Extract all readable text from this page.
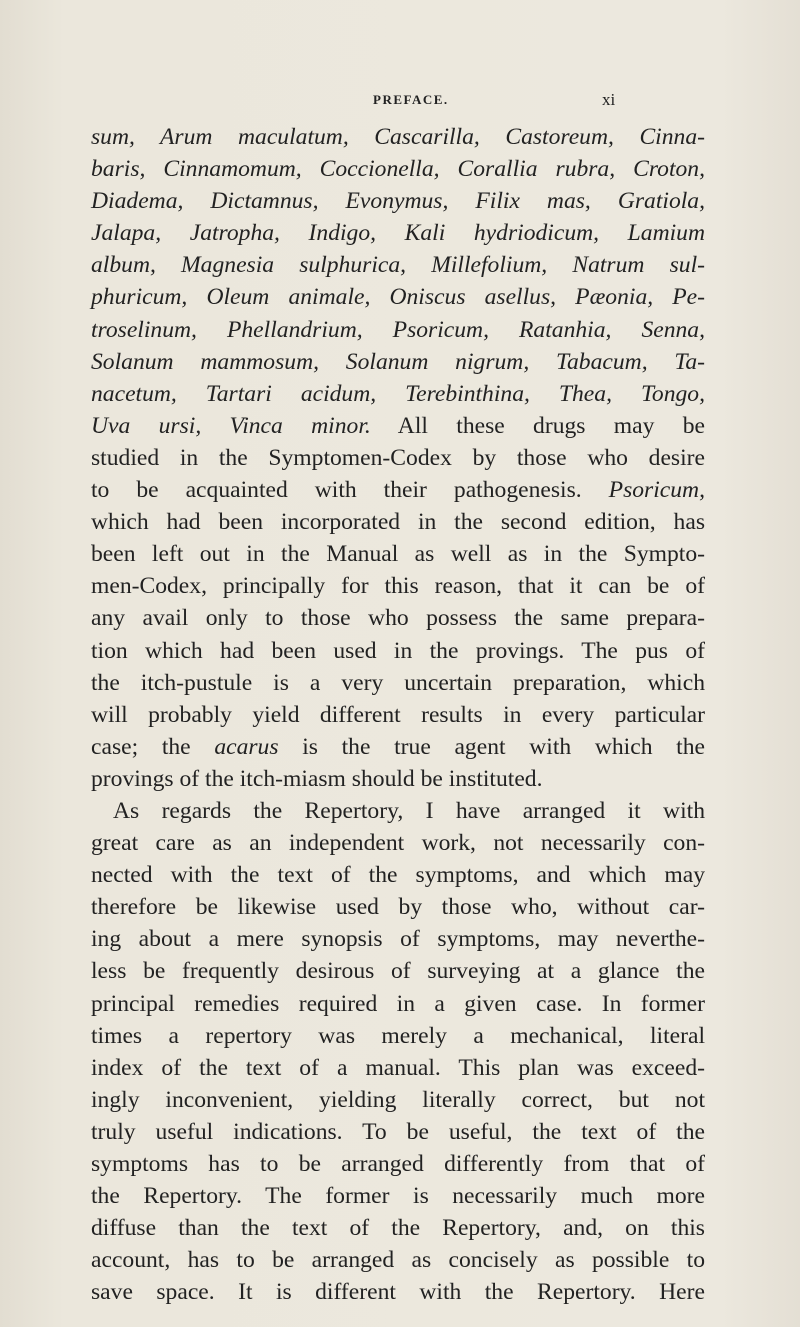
PREFACE.	xi
sum, Arum maculatum, Cascarilla, Castoreum, Cinna-
baris, Cinnamomum, Coccionella, Corallia rubra, Croton,
Diadema, Dictamnus, Evonymus, Filix mas, Gratiola,
Jalapa, Jatropha, Indigo, Kali hydriodicum, Lamium
album, Magnesia sulphurica, Millefolium, Natrum sul-
phuricum, Oleum animale, Oniscus asellus, Pæonia, Pe-
troselinum, Phellandrium, Psoricum, Ratanhia, Senna,
Solanum mammosum, Solanum nigrum, Tabacum, Ta-
nacetum, Tartari acidum, Terebinthina, Thea, Tongo,
Uva ursi, Vinca minor. All these drugs may be
studied in the Symptomen-Codex by those who desire
to be acquainted with their pathogenesis. Psoricum,
which had been incorporated in the second edition, has
been left out in the Manual as well as in the Sympto-
men-Codex, principally for this reason, that it can be of
any avail only to those who possess the same prepara-
tion which had been used in the provings. The pus of
the itch-pustule is a very uncertain preparation, which
will probably yield different results in every particular
case; the acarus is the true agent with which the
provings of the itch-miasm should be instituted.
As regards the Repertory, I have arranged it with
great care as an independent work, not necessarily con-
nected with the text of the symptoms, and which may
therefore be likewise used by those who, without car-
ing about a mere synopsis of symptoms, may neverthe-
less be frequently desirous of surveying at a glance the
principal remedies required in a given case. In former
times a repertory was merely a mechanical, literal
index of the text of a manual. This plan was exceed-
ingly inconvenient, yielding literally correct, but not
truly useful indications. To be useful, the text of the
symptoms has to be arranged differently from that of
the Repertory. The former is necessarily much more
diffuse than the text of the Repertory, and, on this
account, has to be arranged as concisely as possible to
save space. It is different with the Repertory. Here
